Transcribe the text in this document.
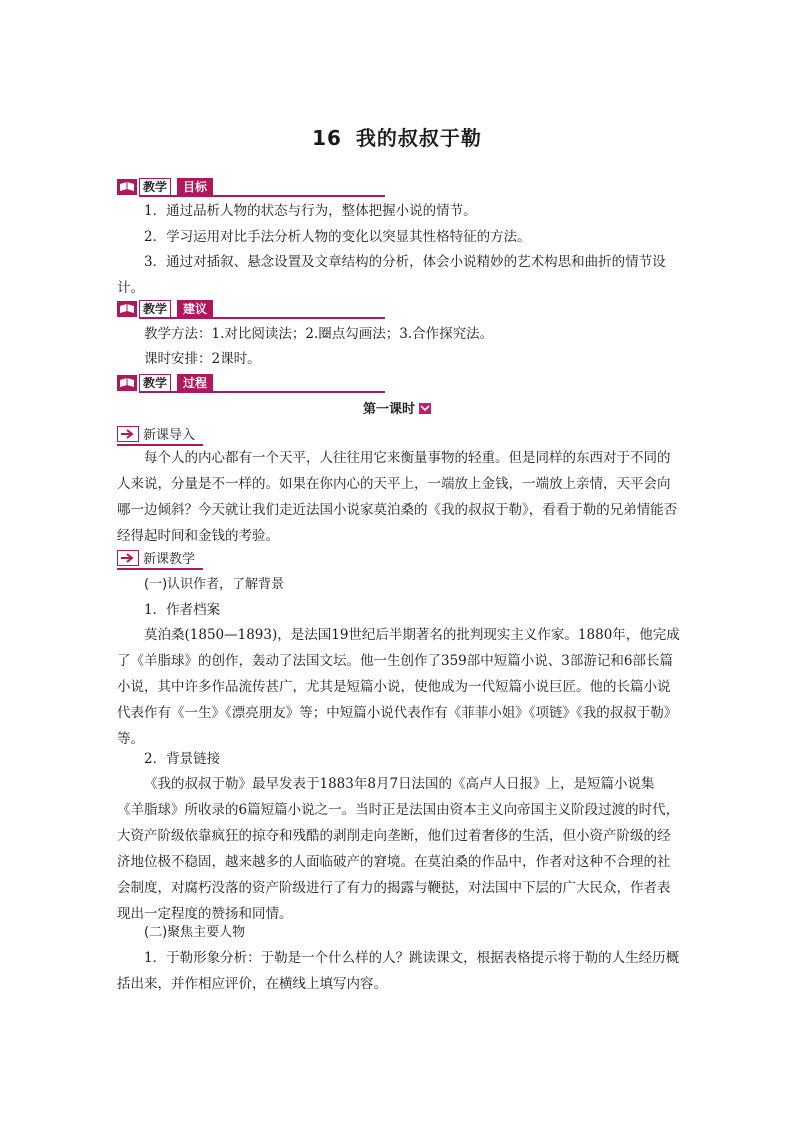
16 我的叔叔于勒
教学	目标

1．通过品析人物的状态与行为，整体把握小说的情节。

2．学习运用对比手法分析人物的变化以突显其性格特征的方法。

3．通过对插叙、悬念设置及文章结构的分析，体会小说精妙的艺术构思和曲折的情节设计。

教学	建议

教学方法：1.对比阅读法；2.圈点勾画法；3.合作探究法。

课时安排：2课时。

教学	过程
第一课时
新课导入

每个人的内心都有一个天平，人往往用它来衡量事物的轻重。但是同样的东西对于不同的人来说，分量是不一样的。如果在你内心的天平上，一端放上金钱，一端放上亲情，天平会向哪一边倾斜？今天就让我们走近法国小说家莫泊桑的《我的叔叔于勒》，看看于勒的兄弟情能否经得起时间和金钱的考验。

新课教学

(一)认识作者，了解背景

1．作者档案

莫泊桑(1850—1893)，是法国19世纪后半期著名的批判现实主义作家。1880年，他完成了《羊脂球》的创作，轰动了法国文坛。他一生创作了359部中短篇小说、3部游记和6部长篇小说，其中许多作品流传甚广，尤其是短篇小说，使他成为一代短篇小说巨匠。他的长篇小说代表作有《一生》《漂亮朋友》等；中短篇小说代表作有《菲菲小姐》《项链》《我的叔叔于勒》等。

2．背景链接

《我的叔叔于勒》最早发表于1883年8月7日法国的《高卢人日报》上，是短篇小说集《羊脂球》所收录的6篇短篇小说之一。当时正是法国由资本主义向帝国主义阶段过渡的时代，大资产阶级依靠疯狂的掠夺和残酷的剥削走向垄断，他们过着奢侈的生活，但小资产阶级的经济地位极不稳固，越来越多的人面临破产的窘境。在莫泊桑的作品中，作者对这种不合理的社会制度，对腐朽没落的资产阶级进行了有力的揭露与鞭挞，对法国中下层的广大民众，作者表现出一定程度的赞扬和同情。

(二)聚焦主要人物

1．于勒形象分析：于勒是一个什么样的人？跳读课文，根据表格提示将于勒的人生经历概括出来，并作相应评价，在横线上填写内容。
